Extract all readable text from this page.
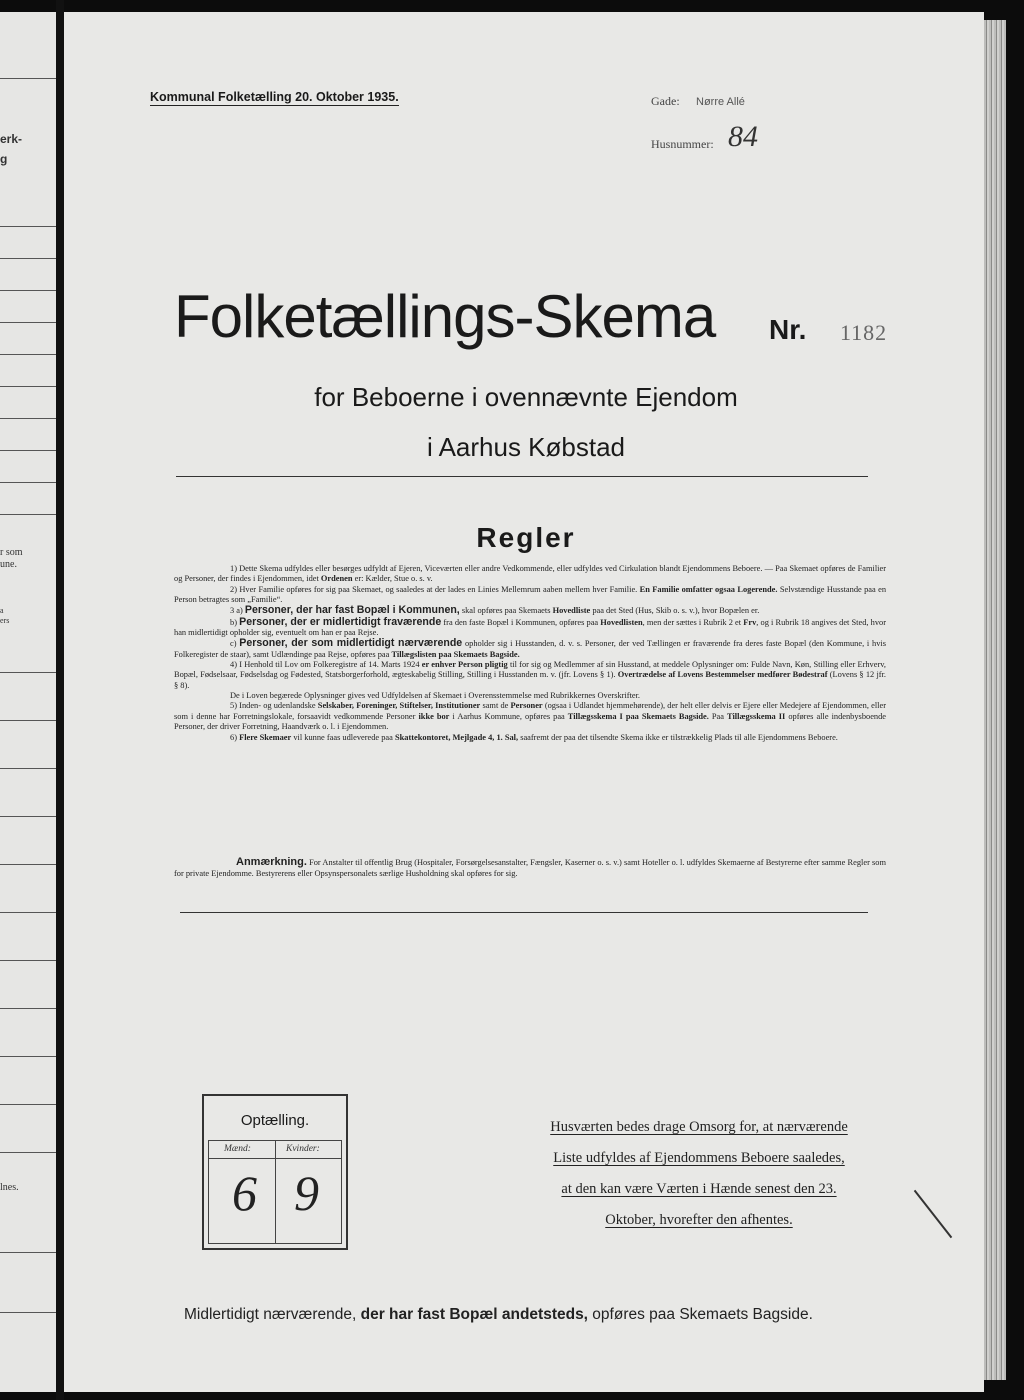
erk-
g
r som
une.
a
ers
lnes.
Kommunal Folketælling 20. Oktober 1935.	Gade: Nørre Allé
Husnummer: 84
Folketællings-Skema Nr. 1182
for Beboerne i ovennævnte Ejendom
i Aarhus Købstad
Regler

1) Dette Skema udfyldes eller besørges udfyldt af Ejeren, Viceværten eller andre Vedkommende, eller udfyldes ved Cirkulation blandt Ejendommens Beboere. — Paa Skemaet opføres de Familier og Personer, der findes i Ejendommen, idet Ordenen er: Kælder, Stue o. s. v.

2) Hver Familie opføres for sig paa Skemaet, og saaledes at der lades en Linies Mellemrum aaben mellem hver Familie. En Familie omfatter ogsaa Logerende. Selvstændige Husstande paa en Person betragtes som „Familie“.

3 a) Personer, der har fast Bopæl i Kommunen, skal opføres paa Skemaets Hovedliste paa det Sted (Hus, Skib o. s. v.), hvor Bopælen er.

b) Personer, der er midlertidigt fraværende fra den faste Bopæl i Kommunen, opføres paa Hovedlisten, men der sættes i Rubrik 2 et Frv, og i Rubrik 18 angives det Sted, hvor han midlertidigt opholder sig, eventuelt om han er paa Rejse.

c) Personer, der som midlertidigt nærværende opholder sig i Husstanden, d. v. s. Personer, der ved Tællingen er fraværende fra deres faste Bopæl (den Kommune, i hvis Folkeregister de staar), samt Udlændinge paa Rejse, opføres paa Tillægslisten paa Skemaets Bagside.

4) I Henhold til Lov om Folkeregistre af 14. Marts 1924 er enhver Person pligtig til for sig og Medlemmer af sin Husstand, at meddele Oplysninger om: Fulde Navn, Køn, Stilling eller Erhverv, Bopæl, Fødselsaar, Fødselsdag og Fødested, Statsborgerforhold, ægteskabelig Stilling, Stilling i Husstanden m. v. (jfr. Lovens § 1). Overtrædelse af Lovens Bestemmelser medfører Bødestraf (Lovens § 12 jfr. § 8).

De i Loven begærede Oplysninger gives ved Udfyldelsen af Skemaet i Overensstemmelse med Rubrikkernes Overskrifter.

5) Inden- og udenlandske Selskaber, Foreninger, Stiftelser, Institutioner samt de Personer (ogsaa i Udlandet hjemmehørende), der helt eller delvis er Ejere eller Medejere af Ejendommen, eller som i denne har Forretningslokale, forsaavidt vedkommende Personer ikke bor i Aarhus Kommune, opføres paa Tillægsskema I paa Skemaets Bagside. Paa Tillægsskema II opføres alle indenbysboende Personer, der driver Forretning, Haandværk o. l. i Ejendommen.

6) Flere Skemaer vil kunne faas udleverede paa Skattekontoret, Mejlgade 4, 1. Sal, saafremt der paa det tilsendte Skema ikke er tilstrækkelig Plads til alle Ejendommens Beboere.

Anmærkning. For Anstalter til offentlig Brug (Hospitaler, Forsørgelsesanstalter, Fængsler, Kaserner o. s. v.) samt Hoteller o. l. udfyldes Skemaerne af Bestyrerne efter samme Regler som for private Ejendomme. Bestyrerens eller Opsynspersonalets særlige Husholdning skal opføres for sig.

Optælling.
Mænd:	Kvinder:
6 9
Husværten bedes drage Omsorg for, at nærværende
Liste udfyldes af Ejendommens Beboere saaledes,
at den kan være Værten i Hænde senest den 23.
Oktober, hvorefter den afhentes.
Midlertidigt nærværende, der har fast Bopæl andetsteds, opføres paa Skemaets Bagside.
